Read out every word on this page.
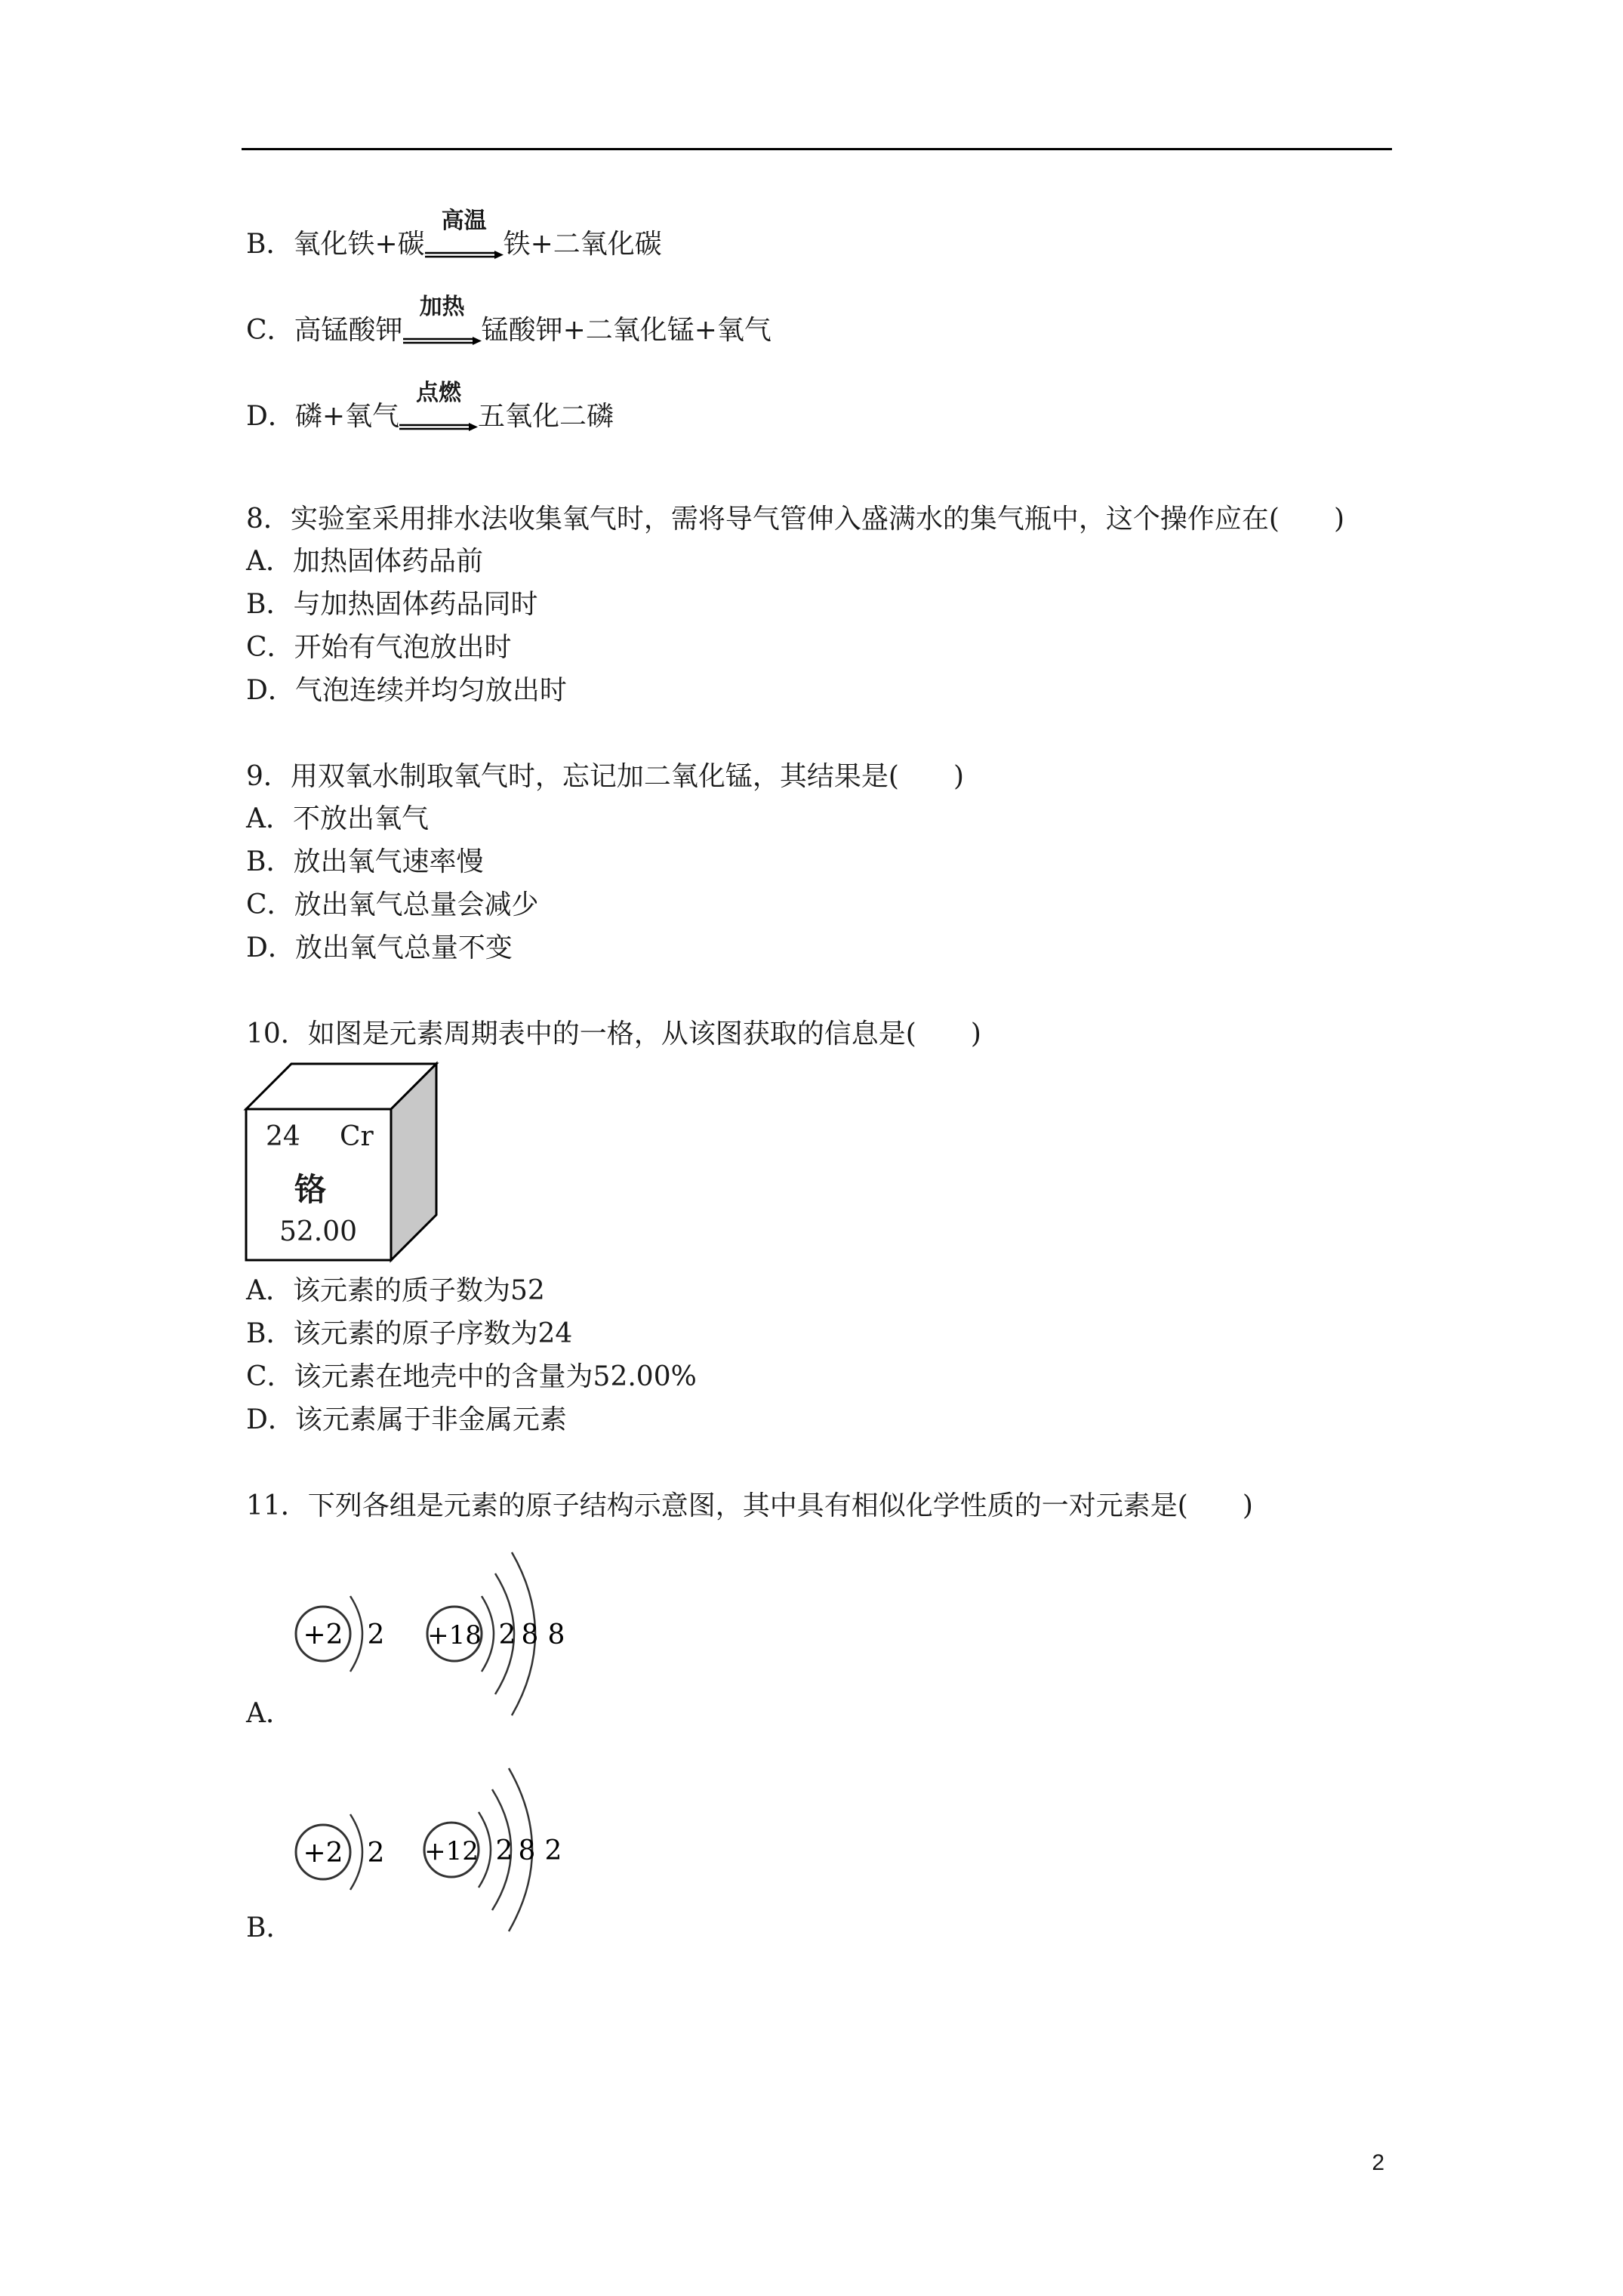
B．氧化铁+碳
高温
铁+二氧化碳
C．高锰酸钾
加热
锰酸钾+二氧化锰+氧气
D．磷+氧气
点燃
五氧化二磷
8．实验室采用排水法收集氧气时，需将导气管伸入盛满水的集气瓶中，这个操作应在(　　)
A．加热固体药品前
B．与加热固体药品同时
C．开始有气泡放出时
D．气泡连续并均匀放出时
9．用双氧水制取氧气时，忘记加二氧化锰，其结果是(　　)
A．不放出氧气
B．放出氧气速率慢
C．放出氧气总量会减少
D．放出氧气总量不变
10．如图是元素周期表中的一格，从该图获取的信息是(　　)
24 Cr
铬
52.00
A．该元素的质子数为52
B．该元素的原子序数为24
C．该元素在地壳中的含量为52.00%
D．该元素属于非金属元素
11．下列各组是元素的原子结构示意图，其中具有相似化学性质的一对元素是(　　)
+2 2 +18 2 8 8
A．
+2 2 +12 2 8 2
B．
2
